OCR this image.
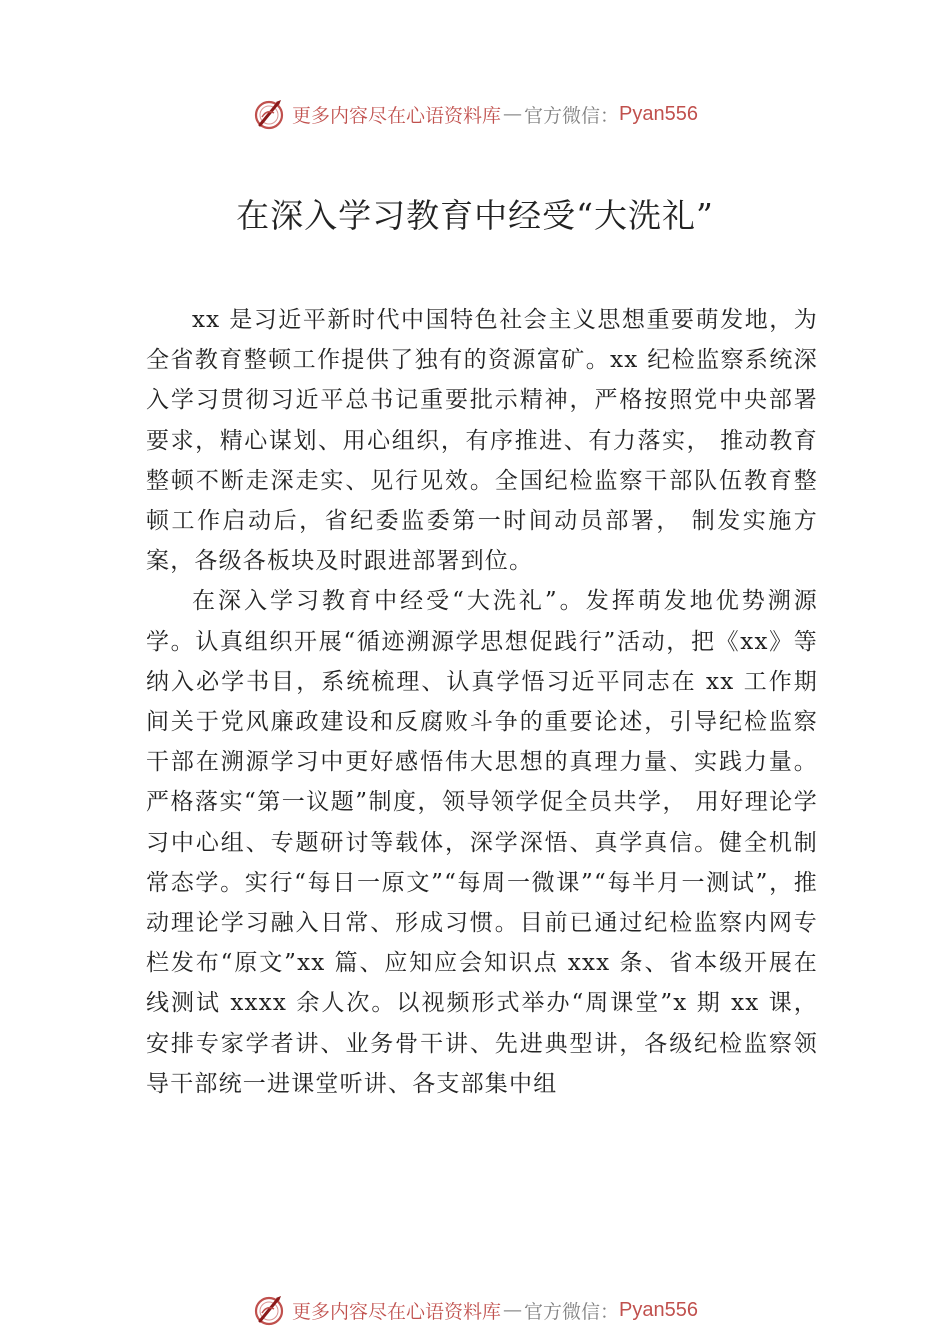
更多内容尽在心语资料库 — 官方微信： Pyan556
在深入学习教育中经受“大洗礼”

xx 是习近平新时代中国特色社会主义思想重要萌发地，为全省教育整顿工作提供了独有的资源富矿。xx 纪检监察系统深入学习贯彻习近平总书记重要批示精神，严格按照党中央部署要求，精心谋划、用心组织，有序推进、有力落实， 推动教育整顿不断走深走实、见行见效。全国纪检监察干部队伍教育整顿工作启动后，省纪委监委第一时间动员部署， 制发实施方案，各级各板块及时跟进部署到位。

在深入学习教育中经受“大洗礼”。发挥萌发地优势溯源学。认真组织开展“循迹溯源学思想促践行”活动，把《xx》等纳入必学书目，系统梳理、认真学悟习近平同志在 xx 工作期间关于党风廉政建设和反腐败斗争的重要论述，引导纪检监察干部在溯源学习中更好感悟伟大思想的真理力量、实践力量。严格落实“第一议题”制度，领导领学促全员共学， 用好理论学习中心组、专题研讨等载体，深学深悟、真学真信。健全机制常态学。实行“每日一原文”“每周一微课”“每半月一测试”，推动理论学习融入日常、形成习惯。目前已通过纪检监察内网专栏发布“原文”xx 篇、应知应会知识点 xxx 条、省本级开展在线测试 xxxx 余人次。以视频形式举办“周课堂”x 期 xx 课，安排专家学者讲、业务骨干讲、先进典型讲，各级纪检监察领导干部统一进课堂听讲、各支部集中组

更多内容尽在心语资料库 — 官方微信： Pyan556
